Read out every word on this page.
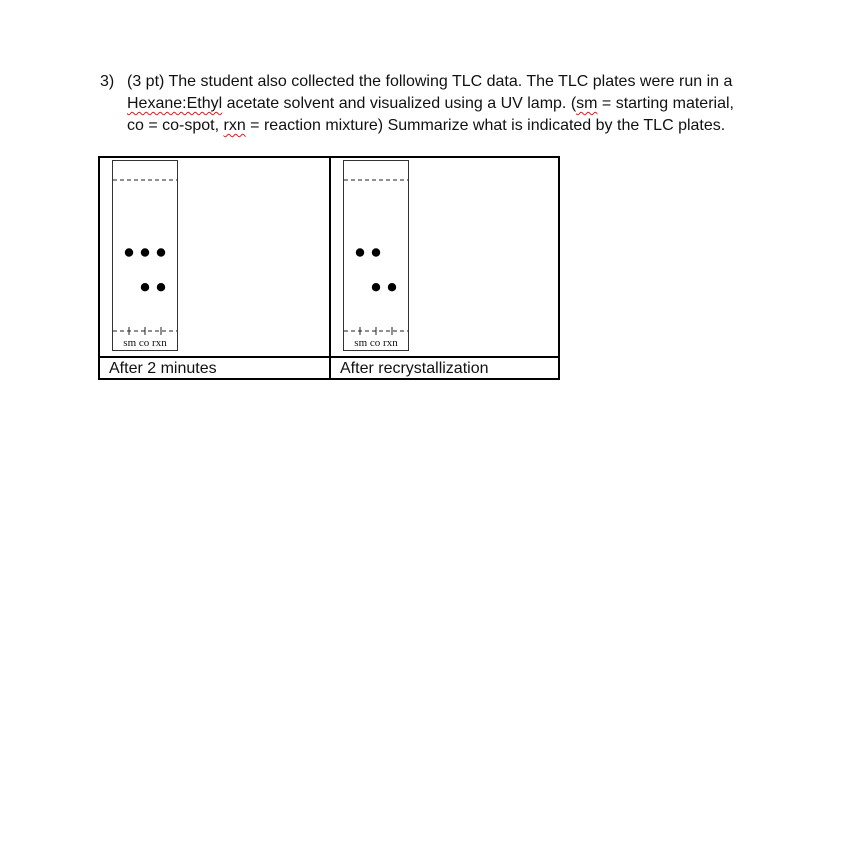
3) (3 pt) The student also collected the following TLC data. The TLC plates were run in a
Hexane:Ethyl acetate solvent and visualized using a UV lamp. (sm = starting material,
co = co-spot, rxn = reaction mixture) Summarize what is indicated by the TLC plates.
sm co rxn	sm co rxn
After 2 minutes	After recrystallization
